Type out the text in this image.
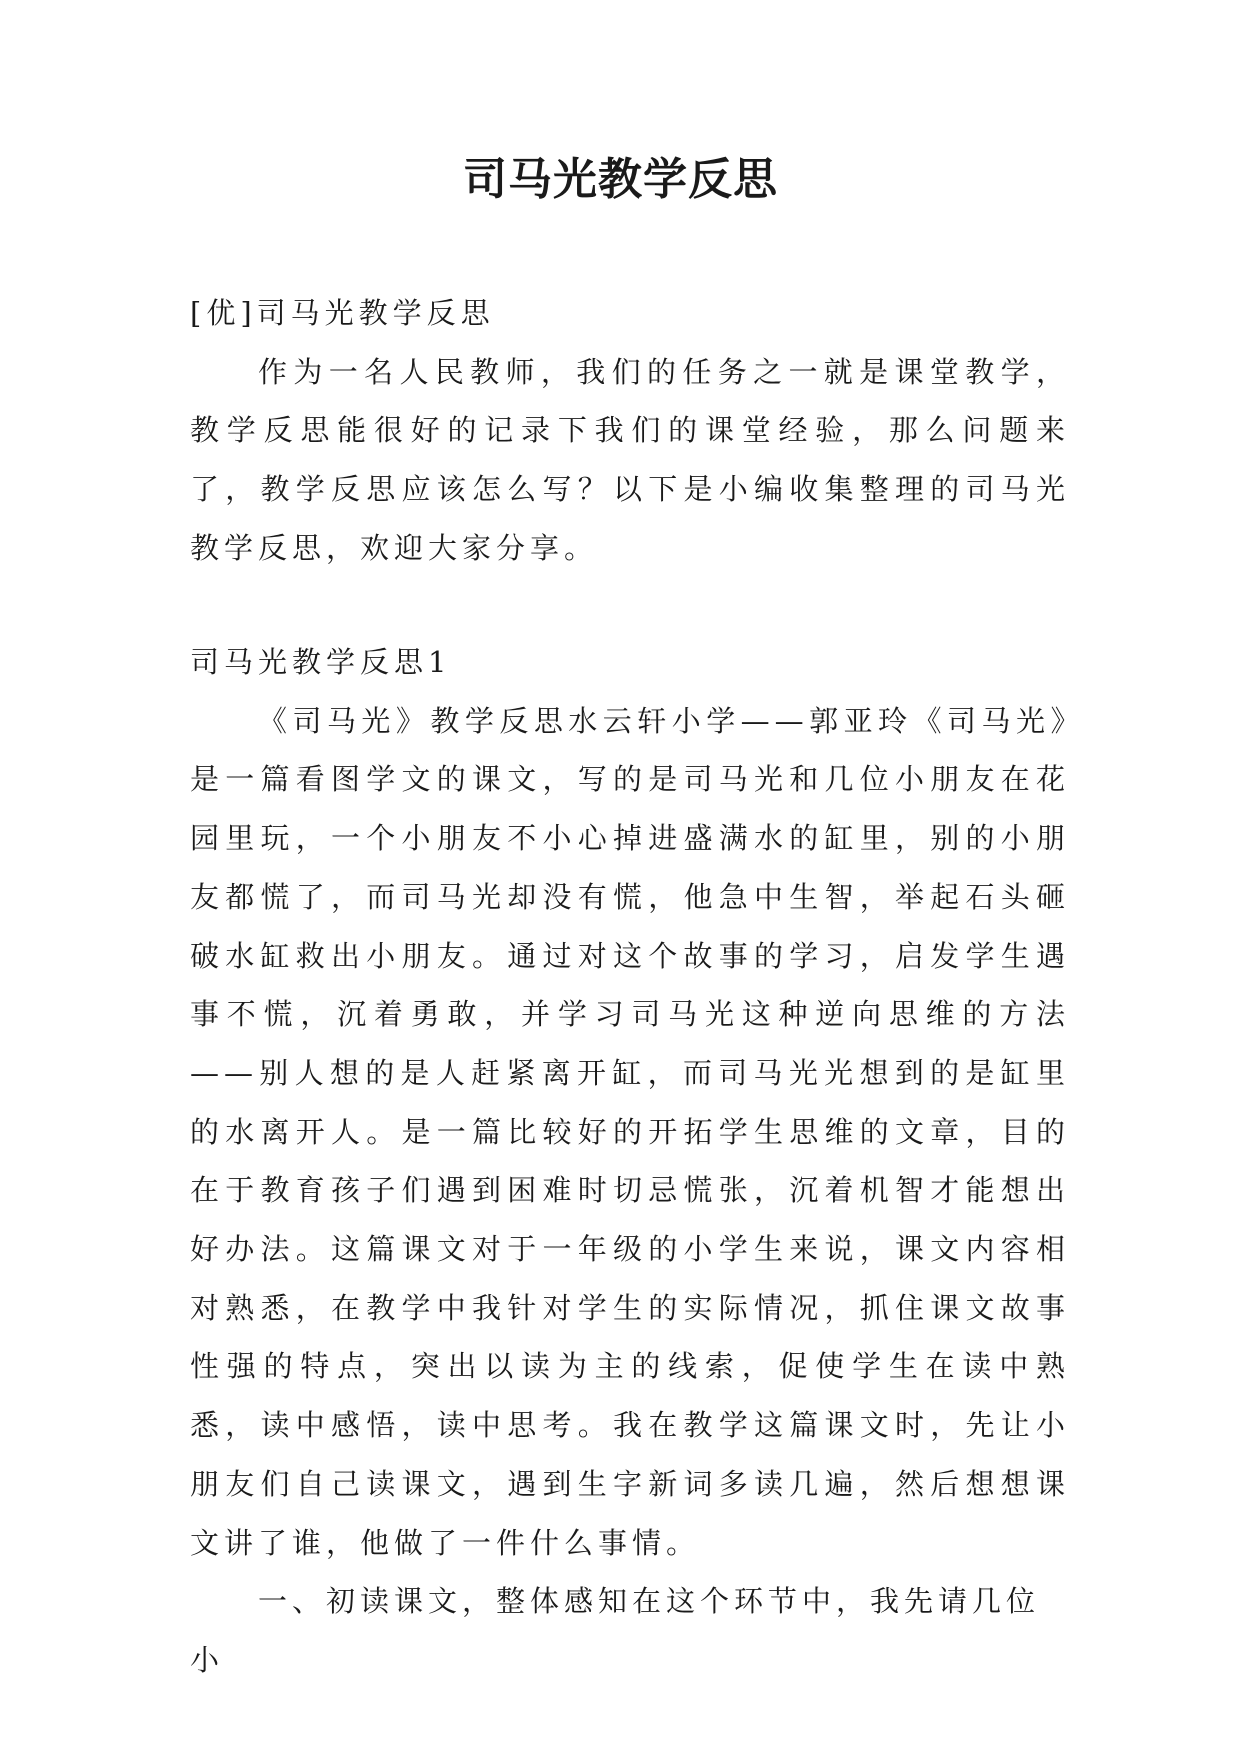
司马光教学反思

[优]司马光教学反思

作为一名人民教师，我们的任务之一就是课堂教学，教学反思能很好的记录下我们的课堂经验，那么问题来了，教学反思应该怎么写？以下是小编收集整理的司马光教学反思，欢迎大家分享。

司马光教学反思1

《司马光》教学反思水云轩小学——郭亚玲《司马光》是一篇看图学文的课文，写的是司马光和几位小朋友在花园里玩，一个小朋友不小心掉进盛满水的缸里，别的小朋友都慌了，而司马光却没有慌，他急中生智，举起石头砸破水缸救出小朋友。通过对这个故事的学习，启发学生遇事不慌，沉着勇敢，并学习司马光这种逆向思维的方法——别人想的是人赶紧离开缸，而司马光光想到的是缸里的水离开人。是一篇比较好的开拓学生思维的文章，目的在于教育孩子们遇到困难时切忌慌张，沉着机智才能想出好办法。这篇课文对于一年级的小学生来说，课文内容相对熟悉，在教学中我针对学生的实际情况，抓住课文故事性强的特点，突出以读为主的线索，促使学生在读中熟悉，读中感悟，读中思考。我在教学这篇课文时，先让小朋友们自己读课文，遇到生字新词多读几遍，然后想想课文讲了谁，他做了一件什么事情。

一、初读课文，整体感知在这个环节中，我先请几位小
